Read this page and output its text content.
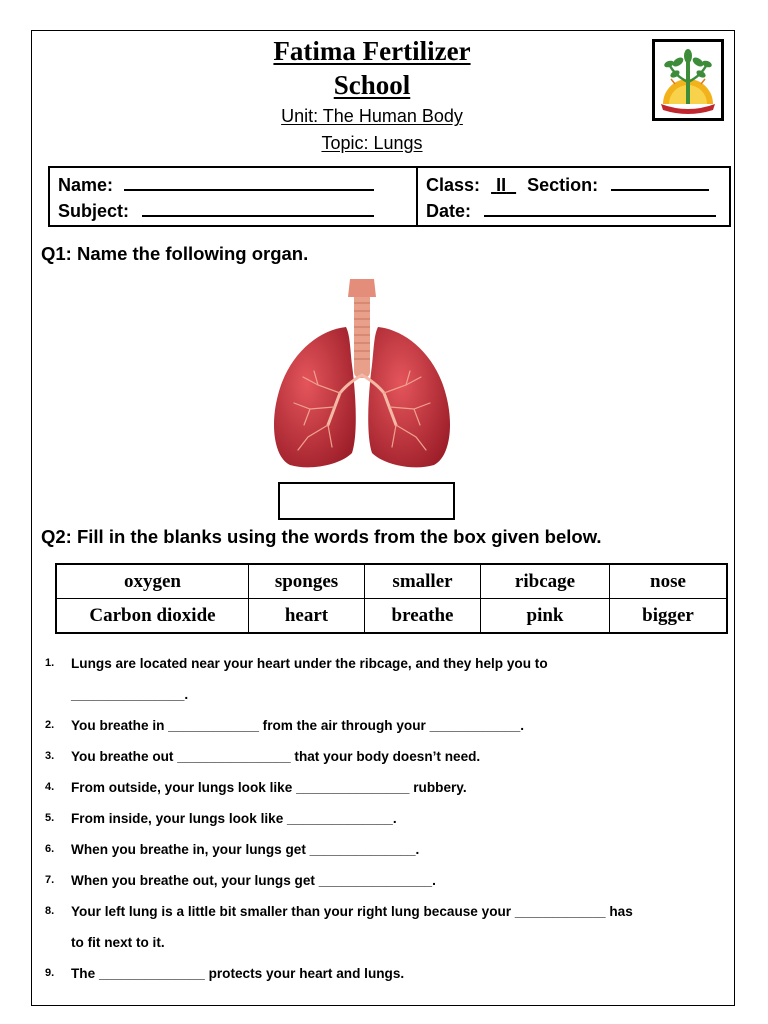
Fatima Fertilizer
School
Unit: The Human Body
Topic: Lungs
Name:
Subject:

Class: II Section:
Date:
Q1: Name the following organ.
Q2: Fill in the blanks using the words from the box given below.
oxygen	sponges	smaller	ribcage	nose
Carbon dioxide	heart	breathe	pink	bigger
1. Lungs are located near your heart under the ribcage, and they help you to
_______________.
2. You breathe in ____________ from the air through your ____________.
3. You breathe out _______________ that your body doesn’t need.
4. From outside, your lungs look like _______________ rubbery.
5. From inside, your lungs look like ______________.
6. When you breathe in, your lungs get ______________.
7. When you breathe out, your lungs get _______________.
8. Your left lung is a little bit smaller than your right lung because your ____________ has
to fit next to it.
9. The ______________ protects your heart and lungs.
